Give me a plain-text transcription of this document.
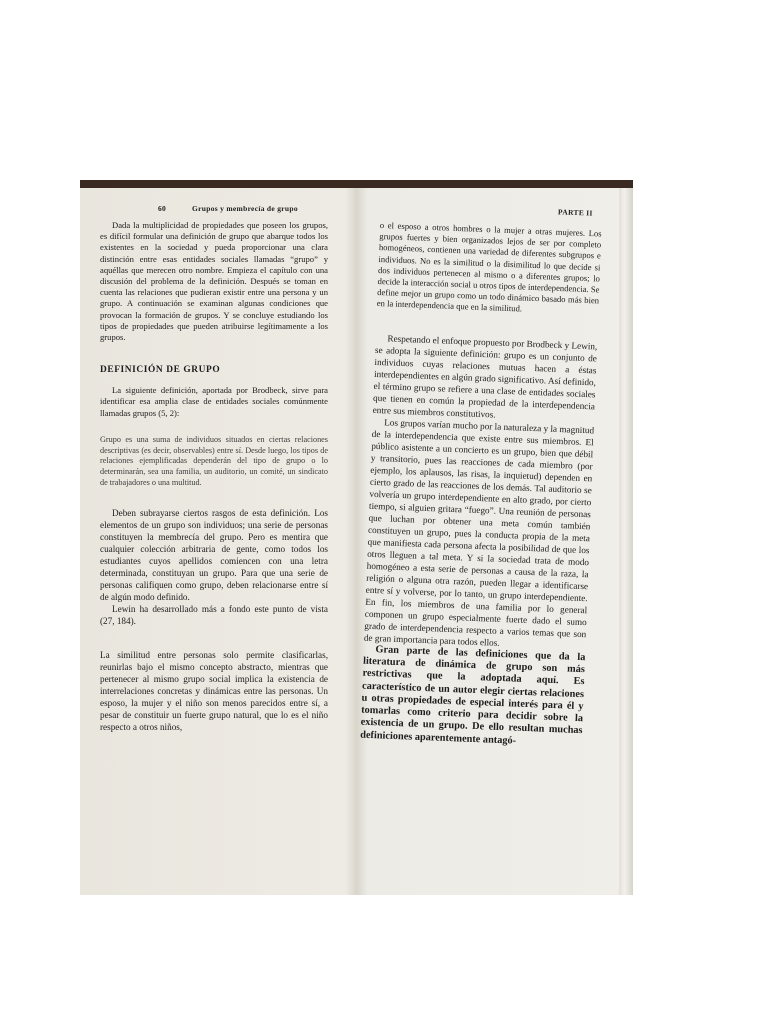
60	Grupos y membrecía de grupo	PARTE II

Dada la multiplicidad de propiedades que poseen los grupos, es difícil formular una definición de grupo que abarque todos los existentes en la sociedad y pueda proporcionar una clara distinción entre esas entidades sociales llamadas “grupo” y aquéllas que merecen otro nombre. Empieza el capítulo con una discusión del problema de la definición. Después se toman en cuenta las relaciones que pudieran existir entre una persona y un grupo. A continuación se examinan algunas condiciones que provocan la formación de grupos. Y se concluye estudiando los tipos de propiedades que pueden atribuirse legítimamente a los grupos.

DEFINICIÓN DE GRUPO

La siguiente definición, aportada por Brodbeck, sirve para identificar esa amplia clase de entidades sociales comúnmente llamadas grupos (5, 2):

Grupo es una suma de individuos situados en ciertas relaciones descriptivas (es decir, observables) entre sí. Desde luego, los tipos de relaciones ejemplificadas dependerán del tipo de grupo o lo determinarán, sea una familia, un auditorio, un comité, un sindicato de trabajadores o una multitud.

Deben subrayarse ciertos rasgos de esta definición. Los elementos de un grupo son individuos; una serie de personas constituyen la membrecía del grupo. Pero es mentira que cualquier colección arbitraria de gente, como todos los estudiantes cuyos apellidos comiencen con una letra determinada, constituyan un grupo. Para que una serie de personas califiquen como grupo, deben relacionarse entre sí de algún modo definido.

Lewin ha desarrollado más a fondo este punto de vista (27, 184).

La similitud entre personas solo permite clasificarlas, reunirlas bajo el mismo concepto abstracto, mientras que pertenecer al mismo grupo social implica la existencia de interrelaciones concretas y dinámicas entre las personas. Un esposo, la mujer y el niño son menos parecidos entre sí, a pesar de constituir un fuerte grupo natural, que lo es el niño respecto a otros niños,

o el esposo a otros hombres o la mujer a otras mujeres. Los grupos fuertes y bien organizados lejos de ser por completo homogéneos, contienen una variedad de diferentes subgrupos e individuos. No es la similitud o la disimilitud lo que decide si dos individuos pertenecen al mismo o a diferentes grupos; lo decide la interacción social u otros tipos de interdependencia. Se define mejor un grupo como un todo dinámico basado más bien en la interdependencia que en la similitud.

Respetando el enfoque propuesto por Brodbeck y Lewin, se adopta la siguiente definición: grupo es un conjunto de individuos cuyas relaciones mutuas hacen a éstas interdependientes en algún grado significativo. Así definido, el término grupo se refiere a una clase de entidades sociales que tienen en común la propiedad de la interdependencia entre sus miembros constitutivos.

Los grupos varían mucho por la naturaleza y la magnitud de la interdependencia que existe entre sus miembros. El público asistente a un concierto es un grupo, bien que débil y transitorio, pues las reacciones de cada miembro (por ejemplo, los aplausos, las risas, la inquietud) dependen en cierto grado de las reacciones de los demás. Tal auditorio se volvería un grupo interdependiente en alto grado, por cierto tiempo, si alguien gritara “fuego”. Una reunión de personas que luchan por obtener una meta común también constituyen un grupo, pues la conducta propia de la meta que manifiesta cada persona afecta la posibilidad de que los otros lleguen a tal meta. Y si la sociedad trata de modo homogéneo a esta serie de personas a causa de la raza, la religión o alguna otra razón, pueden llegar a identificarse entre sí y volverse, por lo tanto, un grupo interdependiente. En fin, los miembros de una familia por lo general componen un grupo especialmente fuerte dado el sumo grado de interdependencia respecto a varios temas que son de gran importancia para todos ellos.

Gran parte de las definiciones que da la literatura de dinámica de grupo son más restrictivas que la adoptada aquí. Es característico de un autor elegir ciertas relaciones u otras propiedades de especial interés para él y tomarlas como criterio para decidir sobre la existencia de un grupo. De ello resultan muchas definiciones aparentemente antagó-
